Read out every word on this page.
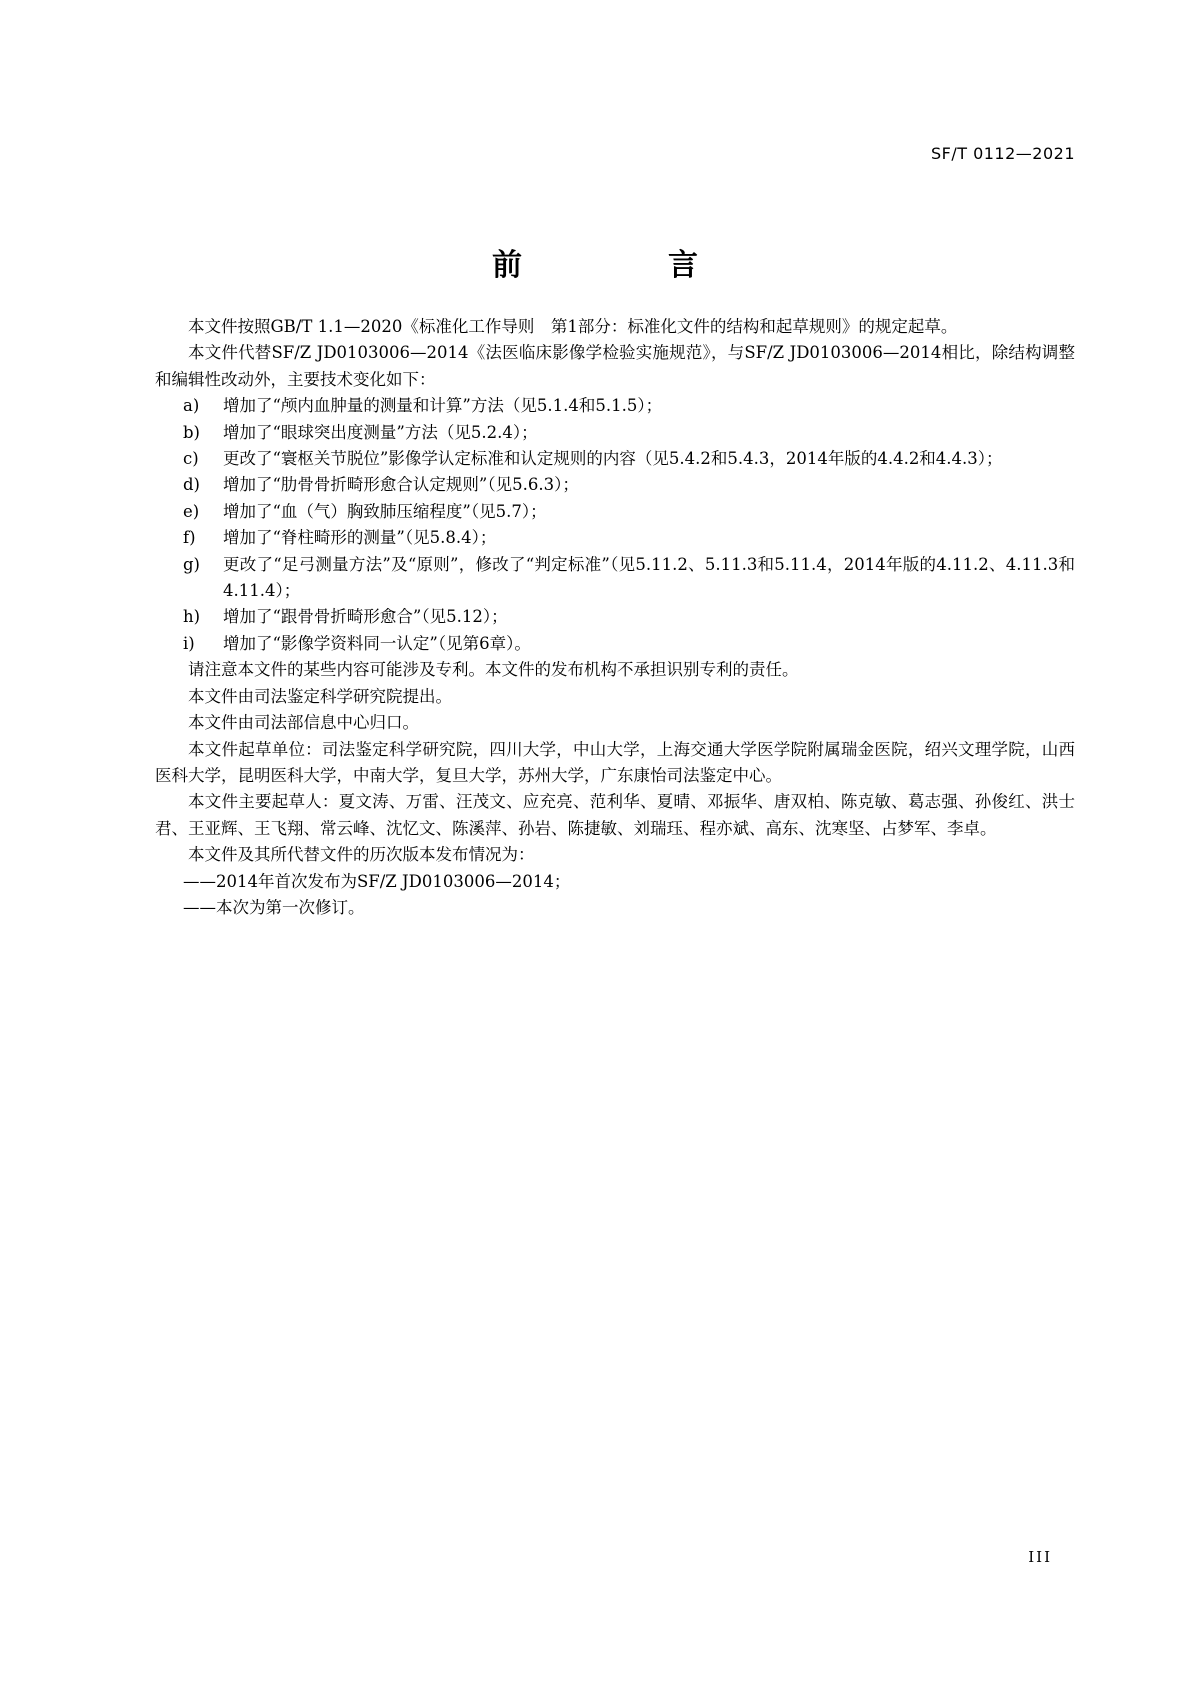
SF/T 0112—2021
前　言

本文件按照GB/T 1.1—2020《标准化工作导则　第1部分：标准化文件的结构和起草规则》的规定起草。

本文件代替SF/Z JD0103006—2014《法医临床影像学检验实施规范》，与SF/Z JD0103006—2014相比，除结构调整和编辑性改动外，主要技术变化如下：

a)	增加了“颅内血肿量的测量和计算”方法（见5.1.4和5.1.5）；
b)	增加了“眼球突出度测量”方法（见5.2.4）；
c)	更改了“寰枢关节脱位”影像学认定标准和认定规则的内容（见5.4.2和5.4.3，2014年版的4.4.2和4.4.3）；
d)	增加了“肋骨骨折畸形愈合认定规则”（见5.6.3）；
e)	增加了“血（气）胸致肺压缩程度”（见5.7）；
f)	增加了“脊柱畸形的测量”（见5.8.4）；
g)	更改了“足弓测量方法”及“原则”，修改了“判定标准”（见5.11.2、5.11.3和5.11.4，2014年版的4.11.2、4.11.3和4.11.4）；
h)	增加了“跟骨骨折畸形愈合”（见5.12）；
i)	增加了“影像学资料同一认定”（见第6章）。

请注意本文件的某些内容可能涉及专利。本文件的发布机构不承担识别专利的责任。

本文件由司法鉴定科学研究院提出。

本文件由司法部信息中心归口。

本文件起草单位：司法鉴定科学研究院，四川大学，中山大学，上海交通大学医学院附属瑞金医院，绍兴文理学院，山西医科大学，昆明医科大学，中南大学，复旦大学，苏州大学，广东康怡司法鉴定中心。

本文件主要起草人：夏文涛、万雷、汪茂文、应充亮、范利华、夏晴、邓振华、唐双柏、陈克敏、葛志强、孙俊红、洪士君、王亚辉、王飞翔、常云峰、沈忆文、陈溪萍、孙岩、陈捷敏、刘瑞珏、程亦斌、高东、沈寒坚、占梦军、李卓。

本文件及其所代替文件的历次版本发布情况为：

——2014年首次发布为SF/Z JD0103006—2014；

——本次为第一次修订。

III
